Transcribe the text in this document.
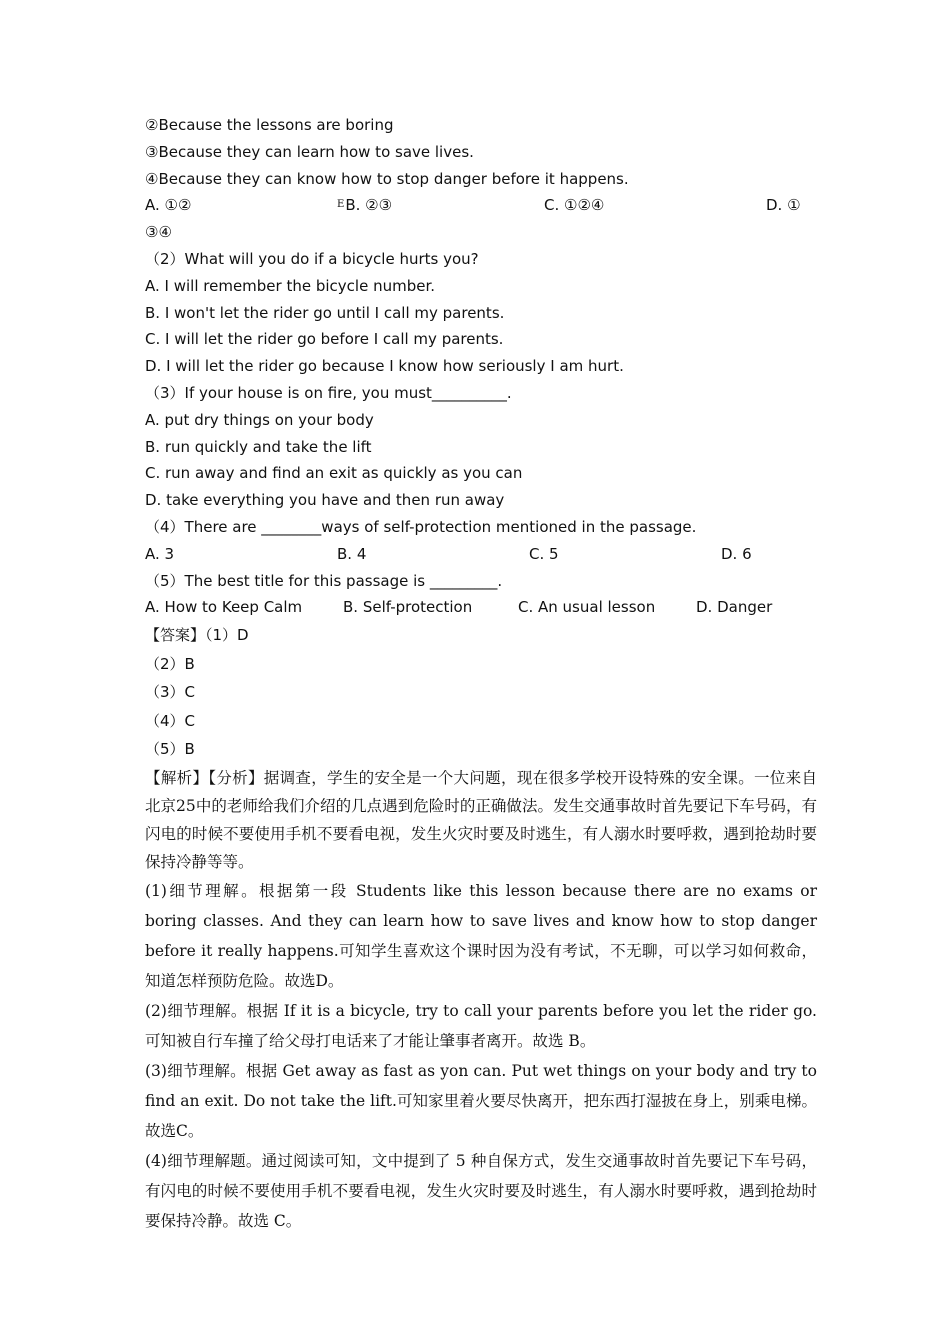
②Because the lessons are boring
③Because they can learn how to save lives.
④Because they can know how to stop danger before it happens.
A. ①②	EB. ②③	C. ①②④	D. ①
③④
（2）What will you do if a bicycle hurts you?
A. I will remember the bicycle number.
B. I won't let the rider go until I call my parents.
C. I will let the rider go before I call my parents.
D. I will let the rider go because I know how seriously I am hurt.
（3）If your house is on fire, you must__________.
A. put dry things on your body
B. run quickly and take the lift
C. run away and find an exit as quickly as you can
D. take everything you have and then run away
（4）There are ________ways of self-protection mentioned in the passage.
A. 3	B. 4	C. 5	D. 6
（5）The best title for this passage is _________.
A. How to Keep Calm	B. Self-protection	C. An usual lesson	D. Danger
【答案】（1）D
（2）B
（3）C
（4）C
（5）B
【解析】【分析】据调查，学生的安全是一个大问题，现在很多学校开设特殊的安全课。一位来自北京25中的老师给我们介绍的几点遇到危险时的正确做法。发生交通事故时首先要记下车号码，有闪电的时候不要使用手机不要看电视，发生火灾时要及时逃生，有人溺水时要呼救，遇到抢劫时要保持冷静等等。
(1)细节理解。根据第一段 Students like this lesson because there are no exams or boring classes. And they can learn how to save lives and know how to stop danger before it really happens.可知学生喜欢这个课时因为没有考试，不无聊，可以学习如何救命，知道怎样预防危险。故选D。
(2)细节理解。根据 If it is a bicycle, try to call your parents before you let the rider go. 可知被自行车撞了给父母打电话来了才能让肇事者离开。故选 B。
(3)细节理解。根据 Get away as fast as yon can. Put wet things on your body and try to find an exit. Do not take the lift.可知家里着火要尽快离开，把东西打湿披在身上，别乘电梯。故选C。
(4)细节理解题。通过阅读可知，文中提到了 5 种自保方式，发生交通事故时首先要记下车号码，有闪电的时候不要使用手机不要看电视，发生火灾时要及时逃生，有人溺水时要呼救，遇到抢劫时要保持冷静。故选 C。
